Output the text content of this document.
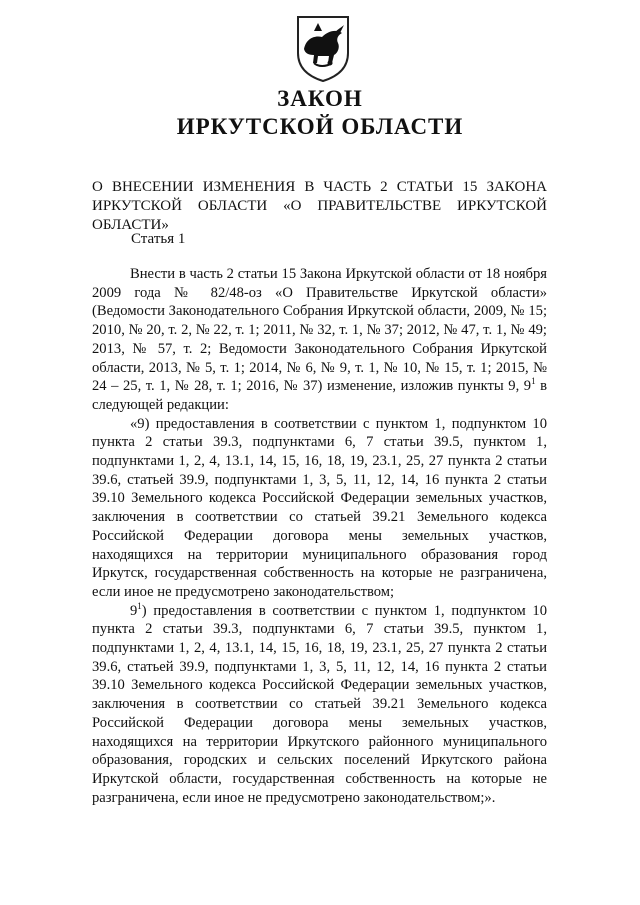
ЗАКОН
ИРКУТСКОЙ ОБЛАСТИ

О ВНЕСЕНИИ ИЗМЕНЕНИЯ В ЧАСТЬ 2 СТАТЬИ 15 ЗАКОНА ИРКУТСКОЙ ОБЛАСТИ «О ПРАВИТЕЛЬСТВЕ ИРКУТСКОЙ ОБЛАСТИ»

Статья 1

Внести в часть 2 статьи 15 Закона Иркутской области от 18 ноября 2009 года № 82/48-оз «О Правительстве Иркутской области» (Ведомости Законодательного Собрания Иркутской области, 2009, № 15; 2010, № 20, т. 2, № 22, т. 1; 2011, № 32, т. 1, № 37; 2012, № 47, т. 1, № 49; 2013, № 57, т. 2; Ведомости Законодательного Собрания Иркутской области, 2013, № 5, т. 1; 2014, № 6, № 9, т. 1, № 10, № 15, т. 1; 2015, № 24 – 25, т. 1, № 28, т. 1; 2016, № 37) изменение, изложив пункты 9, $9^1$ в следующей редакции:

«9) предоставления в соответствии с пунктом 1, подпунктом 10 пункта 2 статьи 39.3, подпунктами 6, 7 статьи 39.5, пунктом 1, подпунктами 1, 2, 4, 13.1, 14, 15, 16, 18, 19, 23.1, 25, 27 пункта 2 статьи 39.6, статьей 39.9, подпунктами 1, 3, 5, 11, 12, 14, 16 пункта 2 статьи 39.10 Земельного кодекса Российской Федерации земельных участков, заключения в соответствии со статьей 39.21 Земельного кодекса Российской Федерации договора мены земельных участков, находящихся на территории муниципального образования город Иркутск, государственная собственность на которые не разграничена, если иное не предусмотрено законодательством;

$9^1$) предоставления в соответствии с пунктом 1, подпунктом 10 пункта 2 статьи 39.3, подпунктами 6, 7 статьи 39.5, пунктом 1, подпунктами 1, 2, 4, 13.1, 14, 15, 16, 18, 19, 23.1, 25, 27 пункта 2 статьи 39.6, статьей 39.9, подпунктами 1, 3, 5, 11, 12, 14, 16 пункта 2 статьи 39.10 Земельного кодекса Российской Федерации земельных участков, заключения в соответствии со статьей 39.21 Земельного кодекса Российской Федерации договора мены земельных участков, находящихся на территории Иркутского районного муниципального образования, городских и сельских поселений Иркутского района Иркутской области, государственная собственность на которые не разграничена, если иное не предусмотрено законодательством;».
